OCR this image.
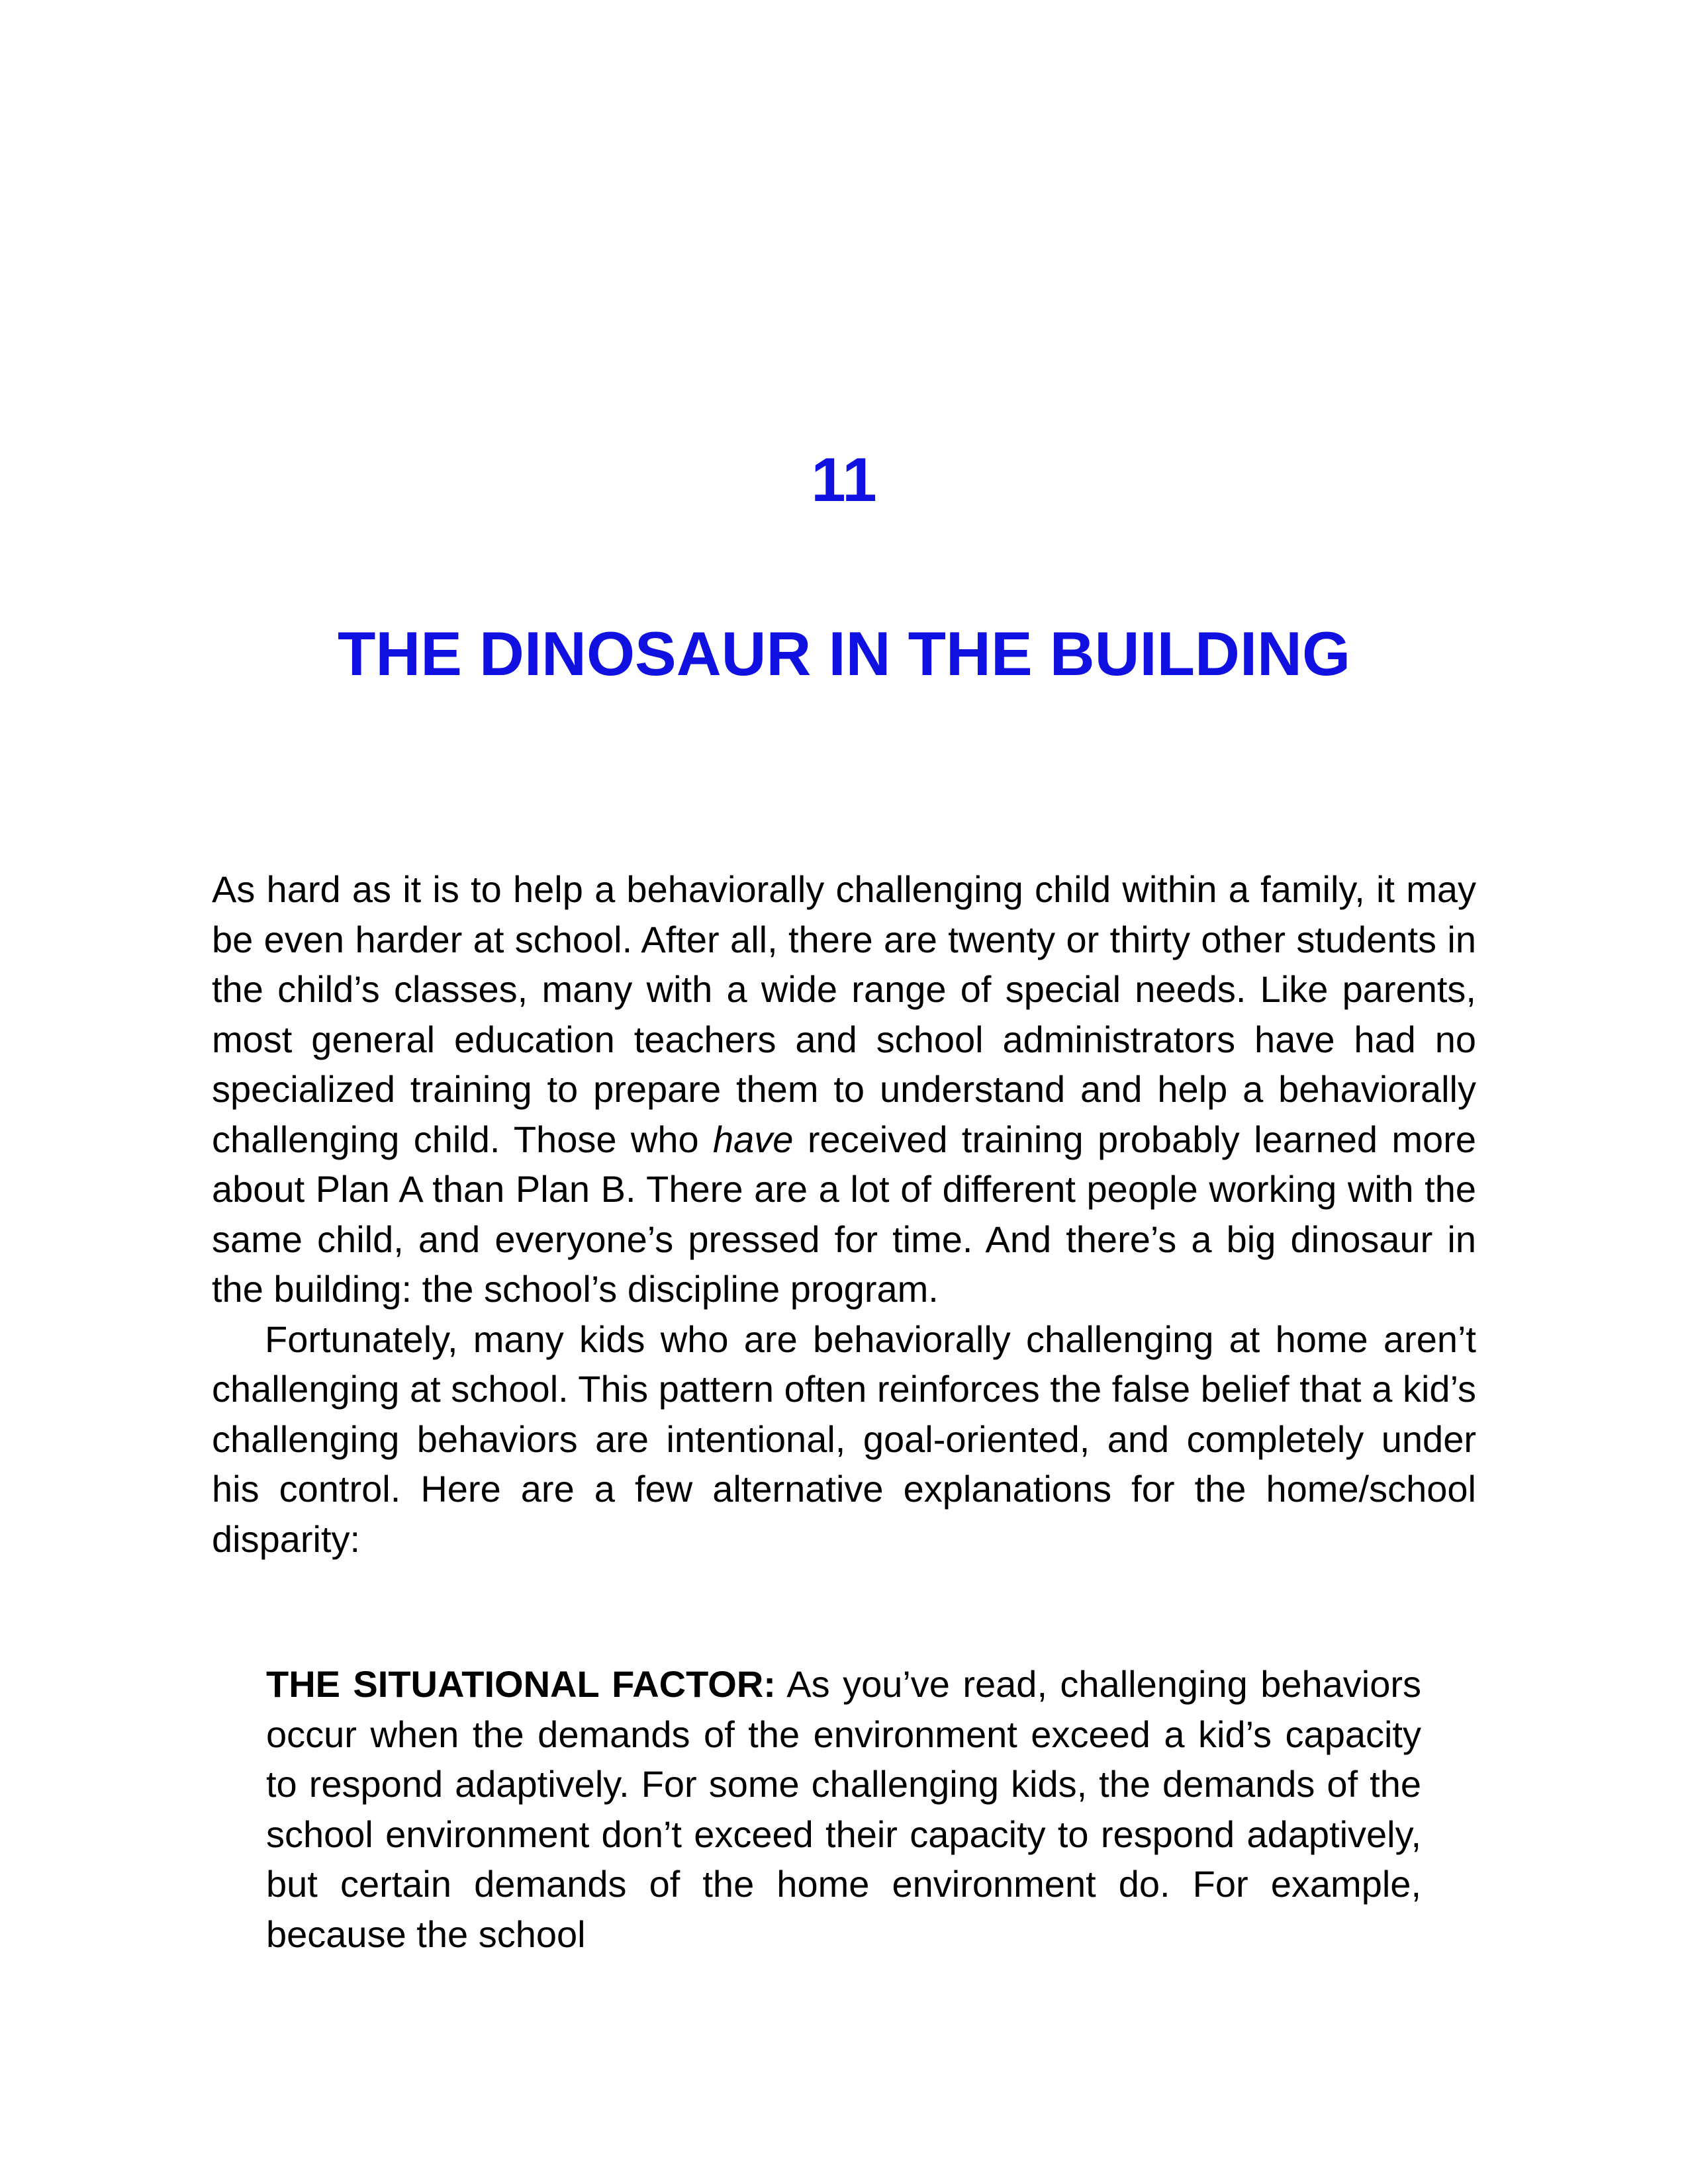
11
THE DINOSAUR IN THE BUILDING

As hard as it is to help a behaviorally challenging child within a family, it may be even harder at school. After all, there are twenty or thirty other students in the child’s classes, many with a wide range of special needs. Like parents, most general education teachers and school administrators have had no specialized training to prepare them to understand and help a behaviorally challenging child. Those who have received training probably learned more about Plan A than Plan B. There are a lot of different people working with the same child, and everyone’s pressed for time. And there’s a big dinosaur in the building: the school’s discipline program.

Fortunately, many kids who are behaviorally challenging at home aren’t challenging at school. This pattern often reinforces the false belief that a kid’s challenging behaviors are intentional, goal-oriented, and completely under his control. Here are a few alternative explanations for the home/school disparity:

THE SITUATIONAL FACTOR: As you’ve read, challenging behaviors occur when the demands of the environment exceed a kid’s capacity to respond adaptively. For some challenging kids, the demands of the school environment don’t exceed their capacity to respond adaptively, but certain demands of the home environment do. For example, because the school
